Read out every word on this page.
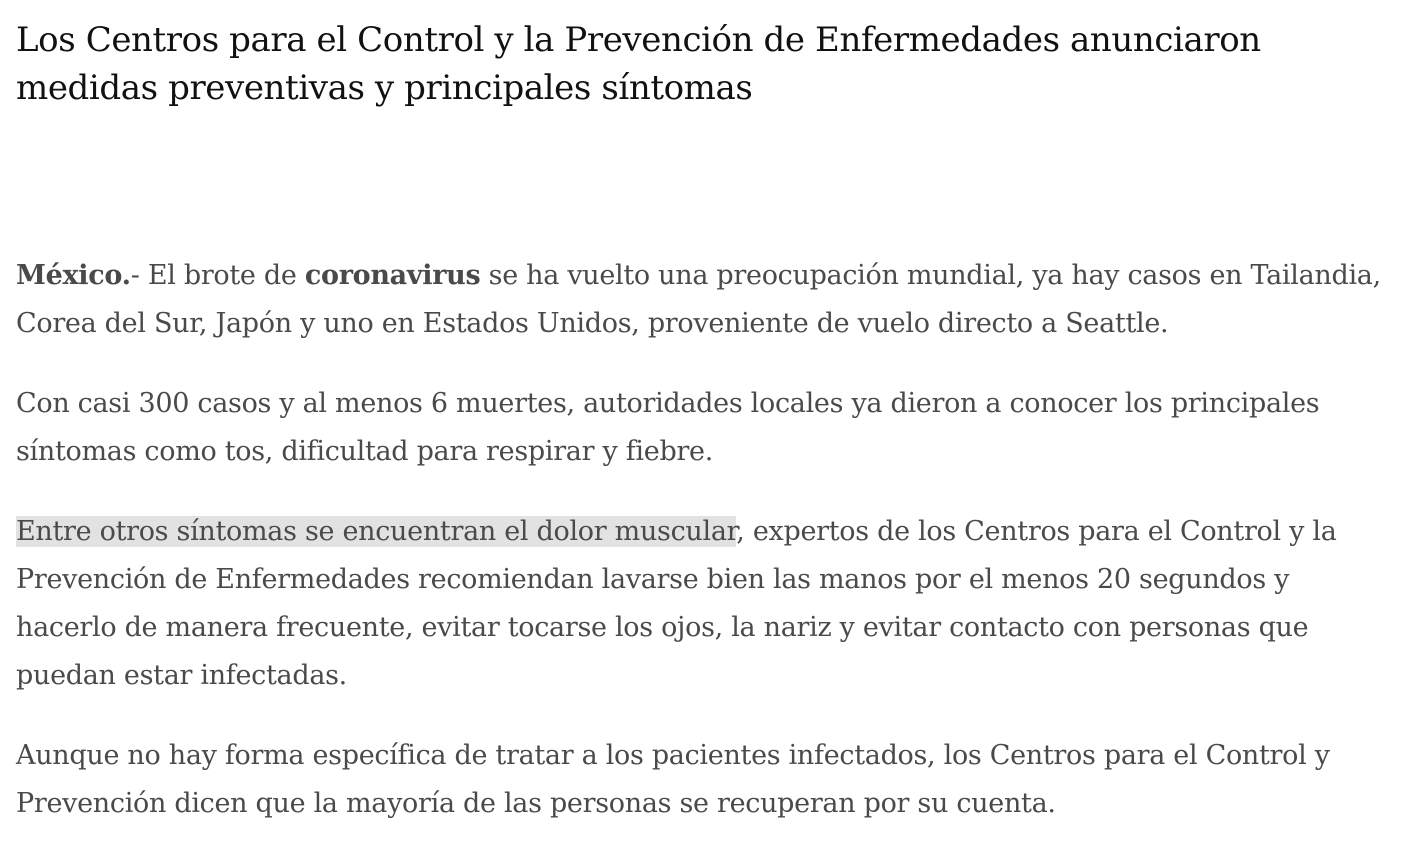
Los Centros para el Control y la Prevención de Enfermedades anunciaron medidas preventivas y principales síntomas

México.- El brote de coronavirus se ha vuelto una preocupación mundial, ya hay casos en Tailandia, Corea del Sur, Japón y uno en Estados Unidos, proveniente de vuelo directo a Seattle.

Con casi 300 casos y al menos 6 muertes, autoridades locales ya dieron a conocer los principales síntomas como tos, dificultad para respirar y fiebre.

Entre otros síntomas se encuentran el dolor muscular, expertos de los Centros para el Control y la Prevención de Enfermedades recomiendan lavarse bien las manos por el menos 20 segundos y hacerlo de manera frecuente, evitar tocarse los ojos, la nariz y evitar contacto con personas que puedan estar infectadas.

Aunque no hay forma específica de tratar a los pacientes infectados, los Centros para el Control y Prevención dicen que la mayoría de las personas se recuperan por su cuenta.
